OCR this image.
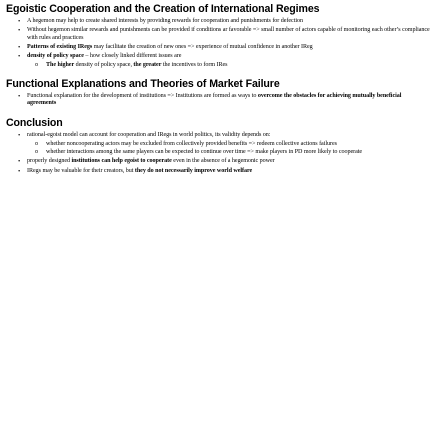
Egoistic Cooperation and the Creation of International Regimes
• A hegemon may help to create shared interests by providing rewards for cooperation and punishments for defection
• Without hegemon similar rewards and punishments can be provided if conditions ar favorable => small number of actors capable of monitoring each other’s compliance with rules and practices
• Patterns of existing IRegs may facilitate the creation of new ones => experience of mutual confidence in another IReg
• density of policy space – how closely linked different issues are
o The higher density of policy space, the greater the incentives to form IRes
Functional Explanations and Theories of Market Failure
• Functional explanation for the development of institutions => Institutions are formed as ways to overcome the obstacles for achieving mutually beneficial agreements
Conclusion
• rational-egoist model can account for cooperation and IRegs in world politics, its validity depends on:
o whether noncooperating actors may be excluded from collectively provided benefits => redeem collective actions failures
o whether interactions among the same players can be expected to continue over time => make players in PD more likely to cooperate
• properly designed institutions can help egoist to cooperate even in the absence of a hegemonic power
• IRegs may be valuable for their creators, but they do not necessarily improve world welfare
